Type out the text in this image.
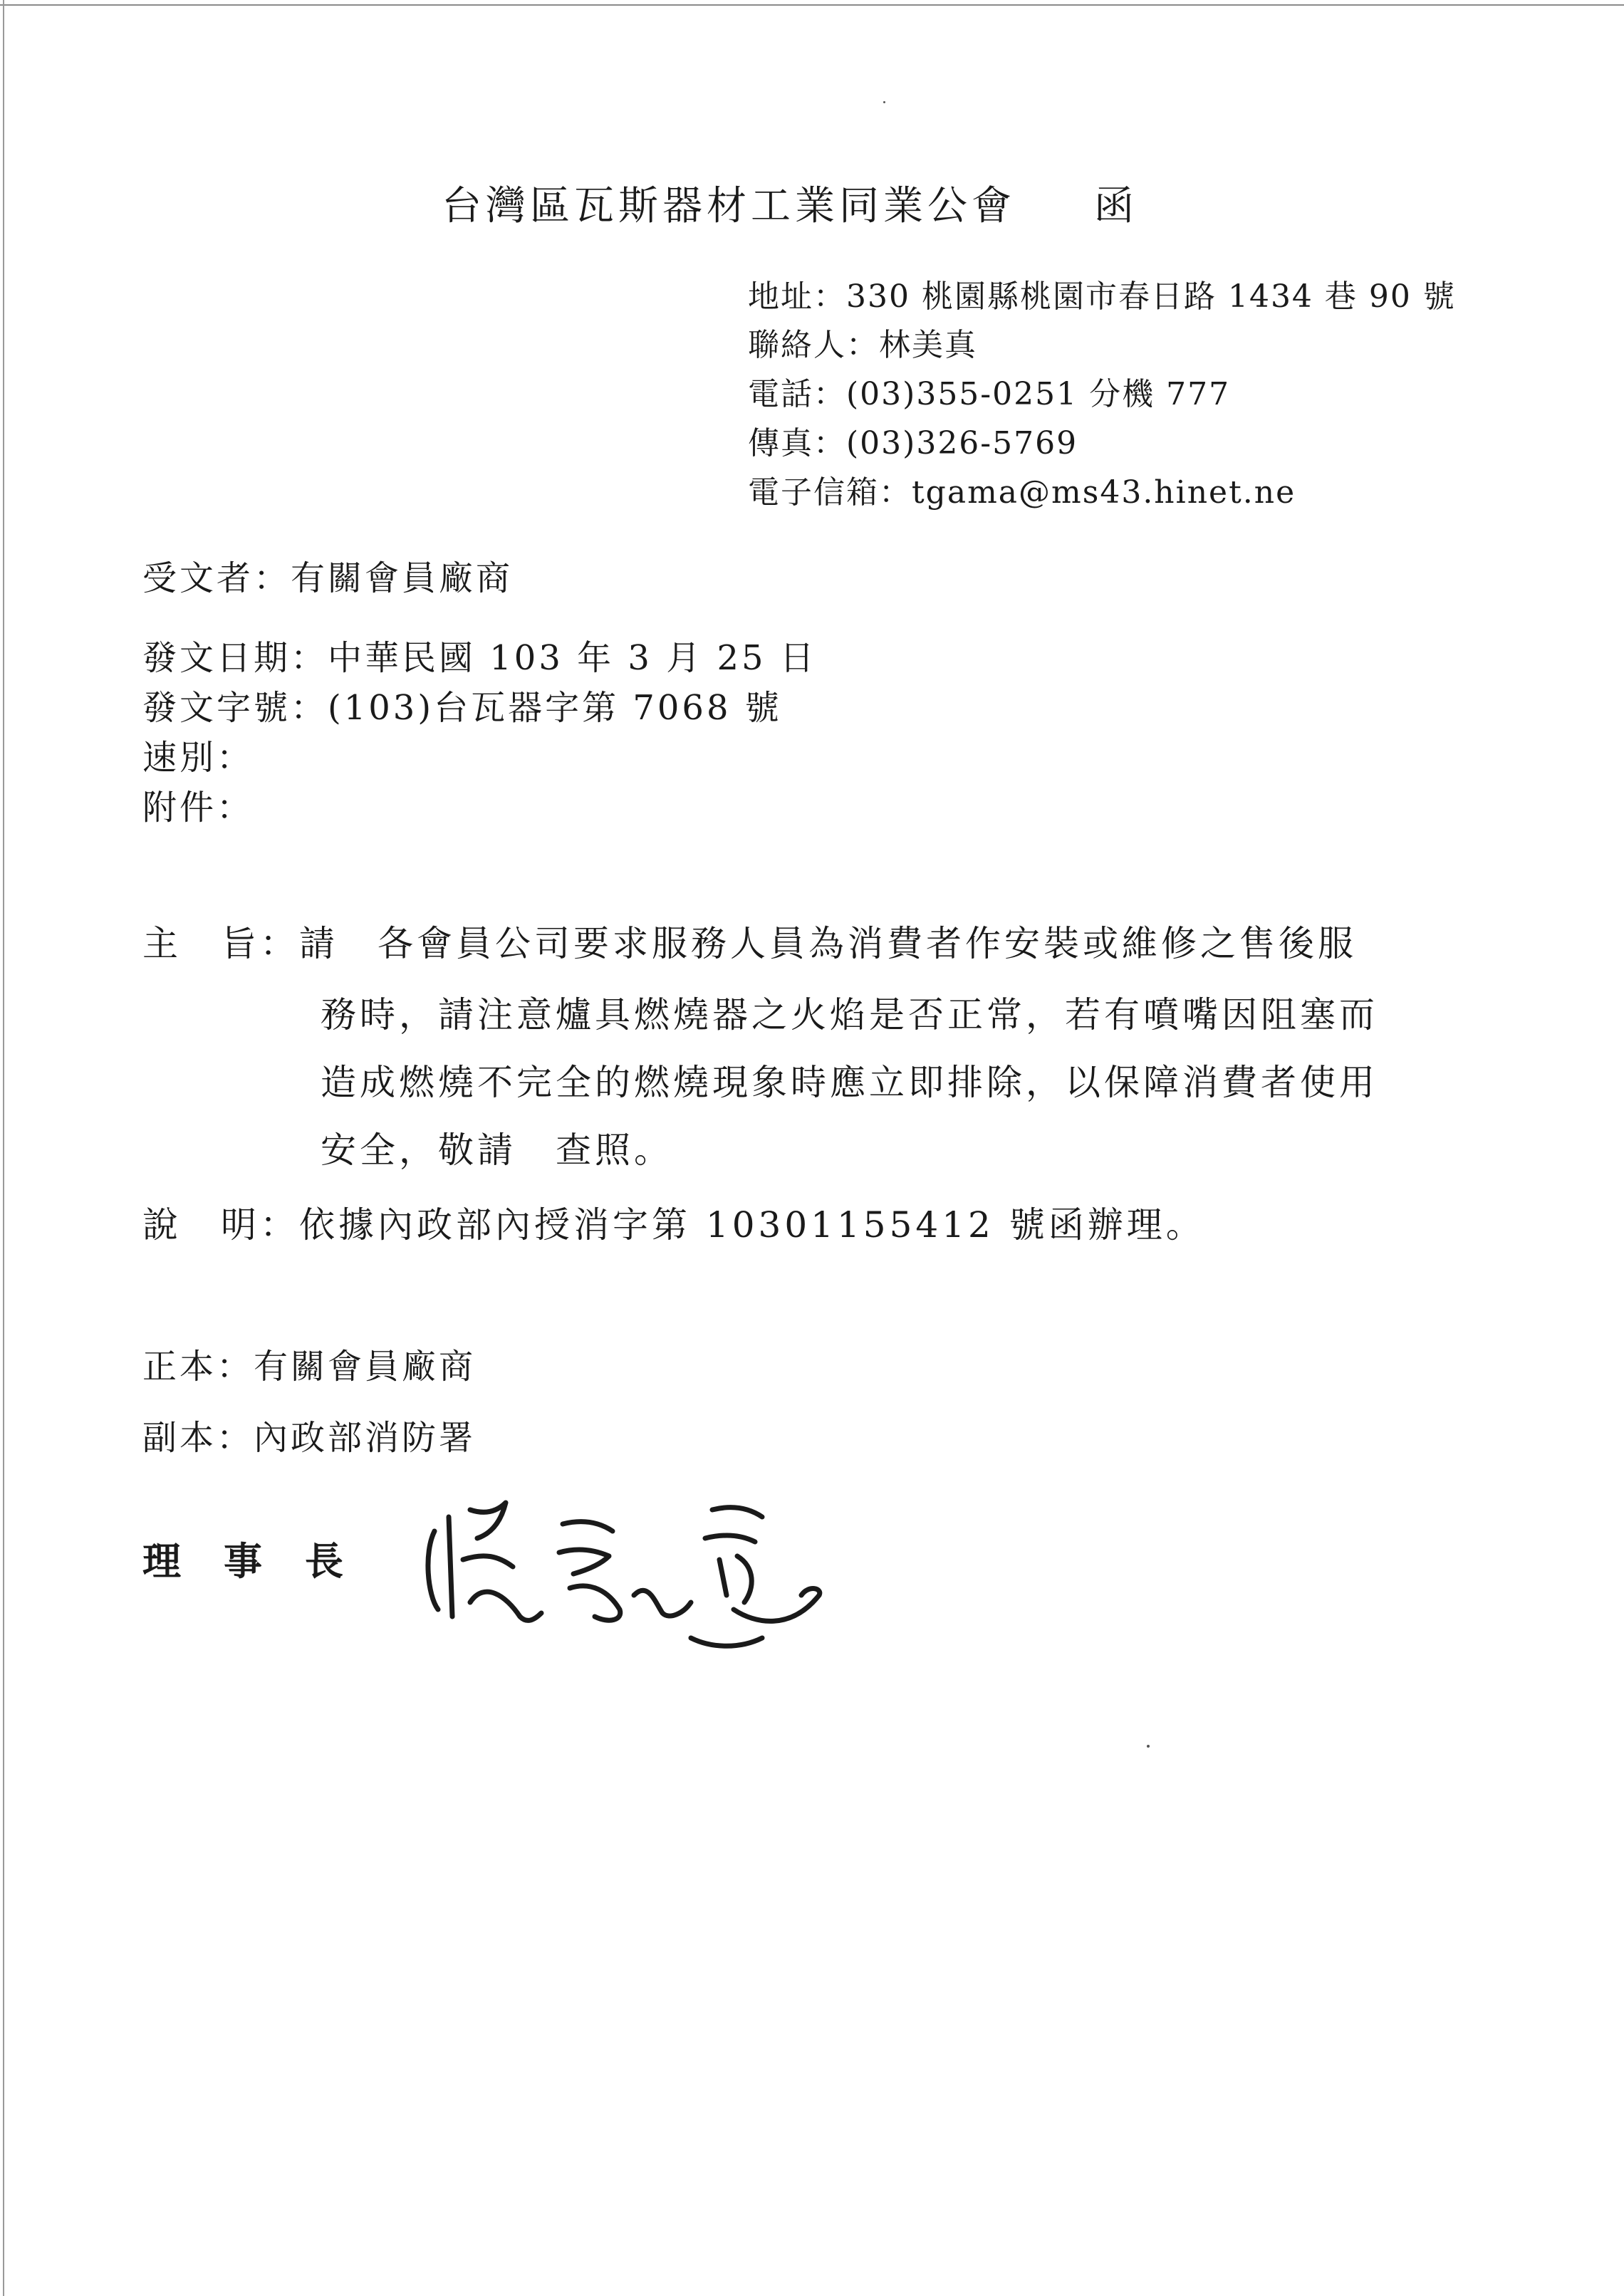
台灣區瓦斯器材工業同業公會 函
地址：330 桃園縣桃園市春日路 1434 巷 90 號
聯絡人：林美真
電話：(03)355-0251 分機 777
傳真：(03)326-5769
電子信箱：tgama@ms43.hinet.ne
受文者：有關會員廠商
發文日期：中華民國 103 年 3 月 25 日
發文字號：(103)台瓦器字第 7068 號
速別：
附件：
主　旨：請　各會員公司要求服務人員為消費者作安裝或維修之售後服
務時，請注意爐具燃燒器之火焰是否正常，若有噴嘴因阻塞而
造成燃燒不完全的燃燒現象時應立即排除，以保障消費者使用
安全，敬請　查照。
說　明：依據內政部內授消字第 10301155412 號函辦理。
正本：有關會員廠商
副本：內政部消防署
理事長
